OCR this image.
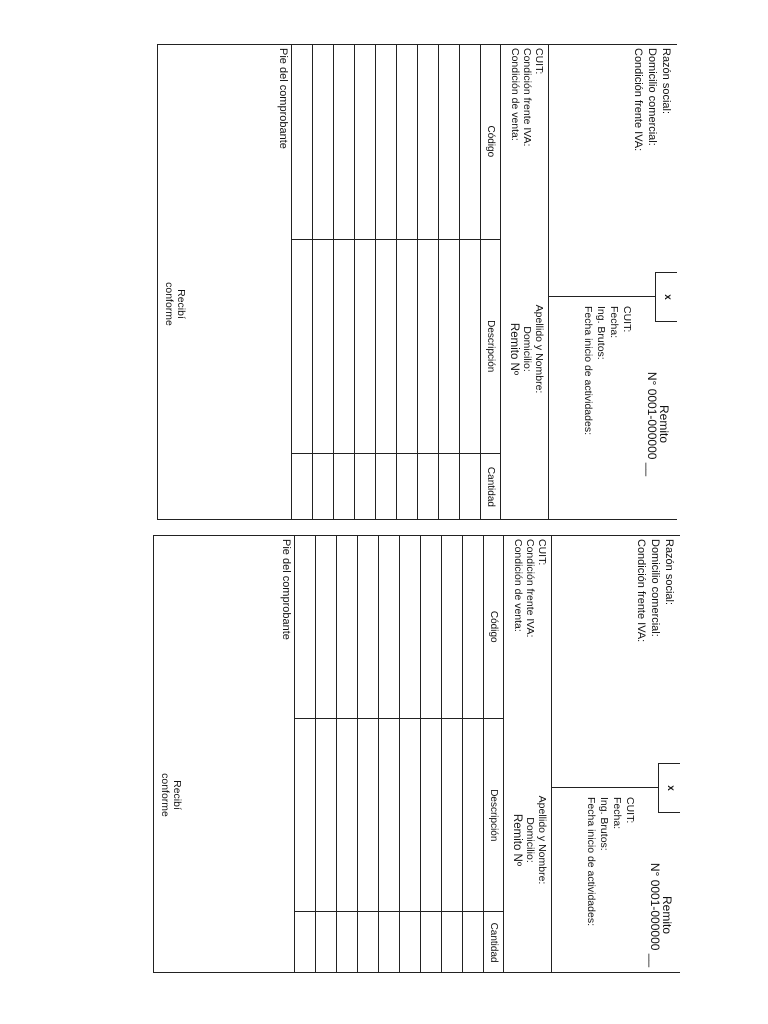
Razón social:
Domicilio comercial:
Condición frente IVA:
x
Remito
N° 0001-000000 __
CUIT:
Fecha:
Ing. Brutos:
Fecha inicio de actividades:
CUIT:
Condición frente IVA:
Condición de venta:
Apellido y Nombre:
Domicilio:
Remito Nº
Código	Descripción	Cantidad

Pie del comprobante
Recibí
conforme
Razón social:
Domicilio comercial:
Condición frente IVA:
x
Remito
N° 0001-000000 __
CUIT:
Fecha:
Ing. Brutos:
Fecha inicio de actividades:
CUIT:
Condición frente IVA:
Condición de venta:
Apellido y Nombre:
Domicilio:
Remito Nº
Código	Descripción	Cantidad

Pie del comprobante
Recibí
conforme
